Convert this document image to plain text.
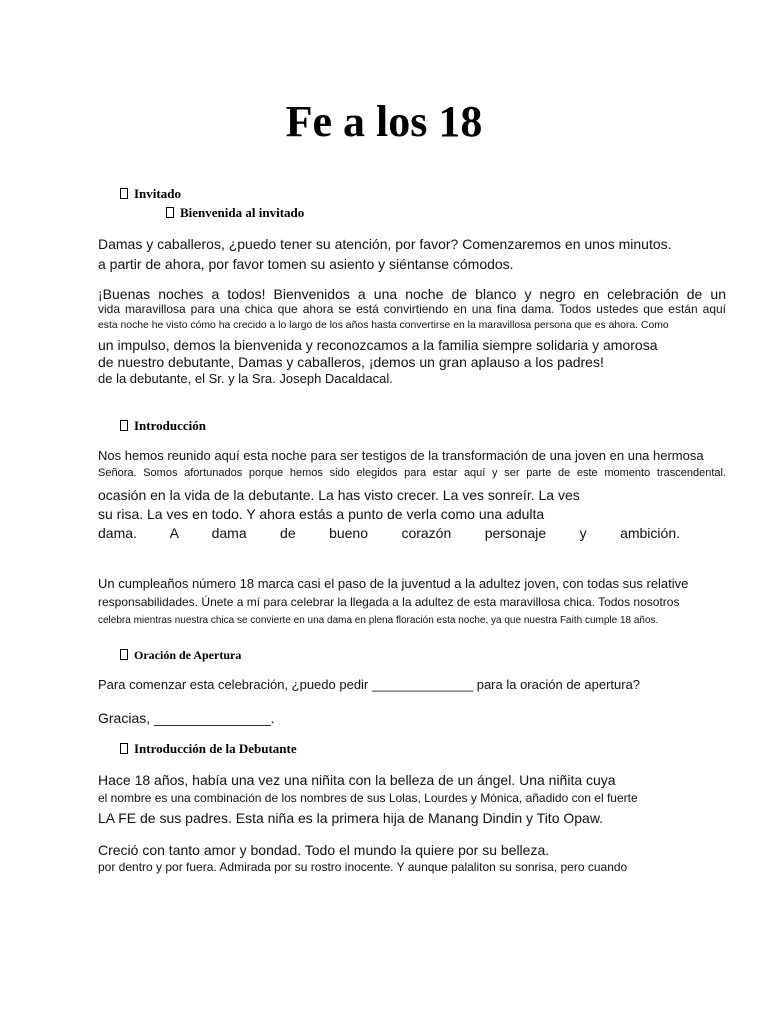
Fe a los 18
Invitado
Bienvenida al invitado

Damas y caballeros, ¿puedo tener su atención, por favor? Comenzaremos en unos minutos.

a partir de ahora, por favor tomen su asiento y siéntanse cómodos.

¡Buenas noches a todos! Bienvenidos a una noche de blanco y negro en celebración de un

vida maravillosa para una chica que ahora se está convirtiendo en una fina dama. Todos ustedes que están aquí

esta noche he visto cómo ha crecido a lo largo de los años hasta convertirse en la maravillosa persona que es ahora. Como

un impulso, demos la bienvenida y reconozcamos a la familia siempre solidaria y amorosa

de nuestro debutante, Damas y caballeros, ¡demos un gran aplauso a los padres!

de la debutante, el Sr. y la Sra. Joseph Dacaldacal.

Introducción

Nos hemos reunido aquí esta noche para ser testigos de la transformación de una joven en una hermosa

Señora. Somos afortunados porque hemos sido elegidos para estar aquí y ser parte de este momento trascendental.

ocasión en la vida de la debutante. La has visto crecer. La ves sonreír. La ves

su risa. La ves en todo. Y ahora estás a punto de verla como una adulta

dama. A dama de bueno corazón personaje y ambición.

Un cumpleaños número 18 marca casi el paso de la juventud a la adultez joven, con todas sus relative

responsabilidades. Únete a mí para celebrar la llegada a la adultez de esta maravillosa chica. Todos nosotros

celebra mientras nuestra chica se convierte en una dama en plena floración esta noche, ya que nuestra Faith cumple 18 años.

Oración de Apertura

Para comenzar esta celebración, ¿puedo pedir ______________ para la oración de apertura?

Gracias, _______________.

Introducción de la Debutante

Hace 18 años, había una vez una niñita con la belleza de un ángel. Una niñita cuya

el nombre es una combinación de los nombres de sus Lolas, Lourdes y Mónica, añadido con el fuerte

LA FE de sus padres. Esta niña es la primera hija de Manang Dindin y Tito Opaw.

Creció con tanto amor y bondad. Todo el mundo la quiere por su belleza.

por dentro y por fuera. Admirada por su rostro inocente. Y aunque palaliton su sonrisa, pero cuando
